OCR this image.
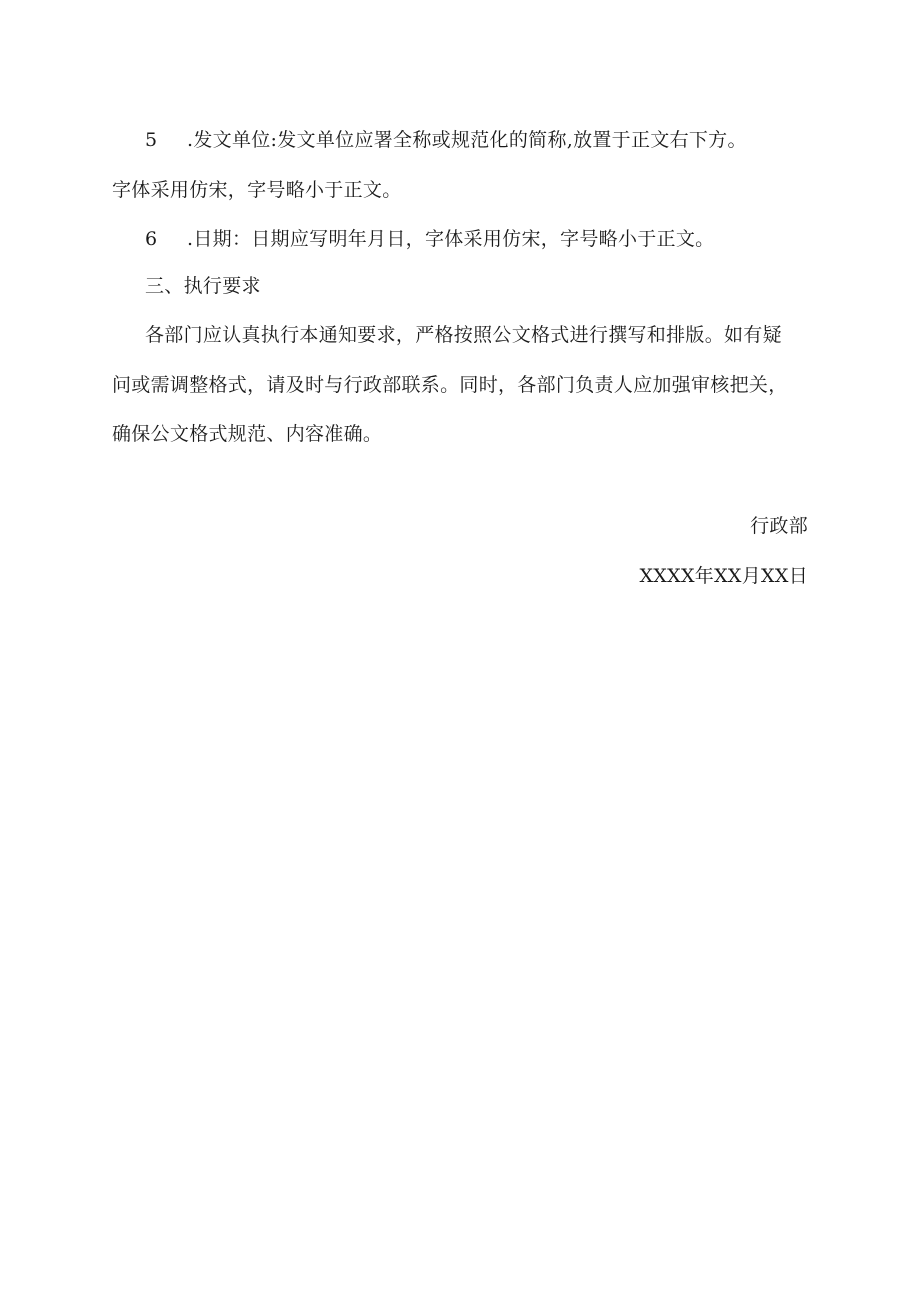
5 .发文单位:发文单位应署全称或规范化的简称,放置于正文右下方。
字体采用仿宋，字号略小于正文。
6 .日期：日期应写明年月日，字体采用仿宋，字号略小于正文。
三、执行要求
各部门应认真执行本通知要求，严格按照公文格式进行撰写和排版。如有疑
问或需调整格式，请及时与行政部联系。同时，各部门负责人应加强审核把关，
确保公文格式规范、内容准确。
行政部
XXXX年XX月XX日
